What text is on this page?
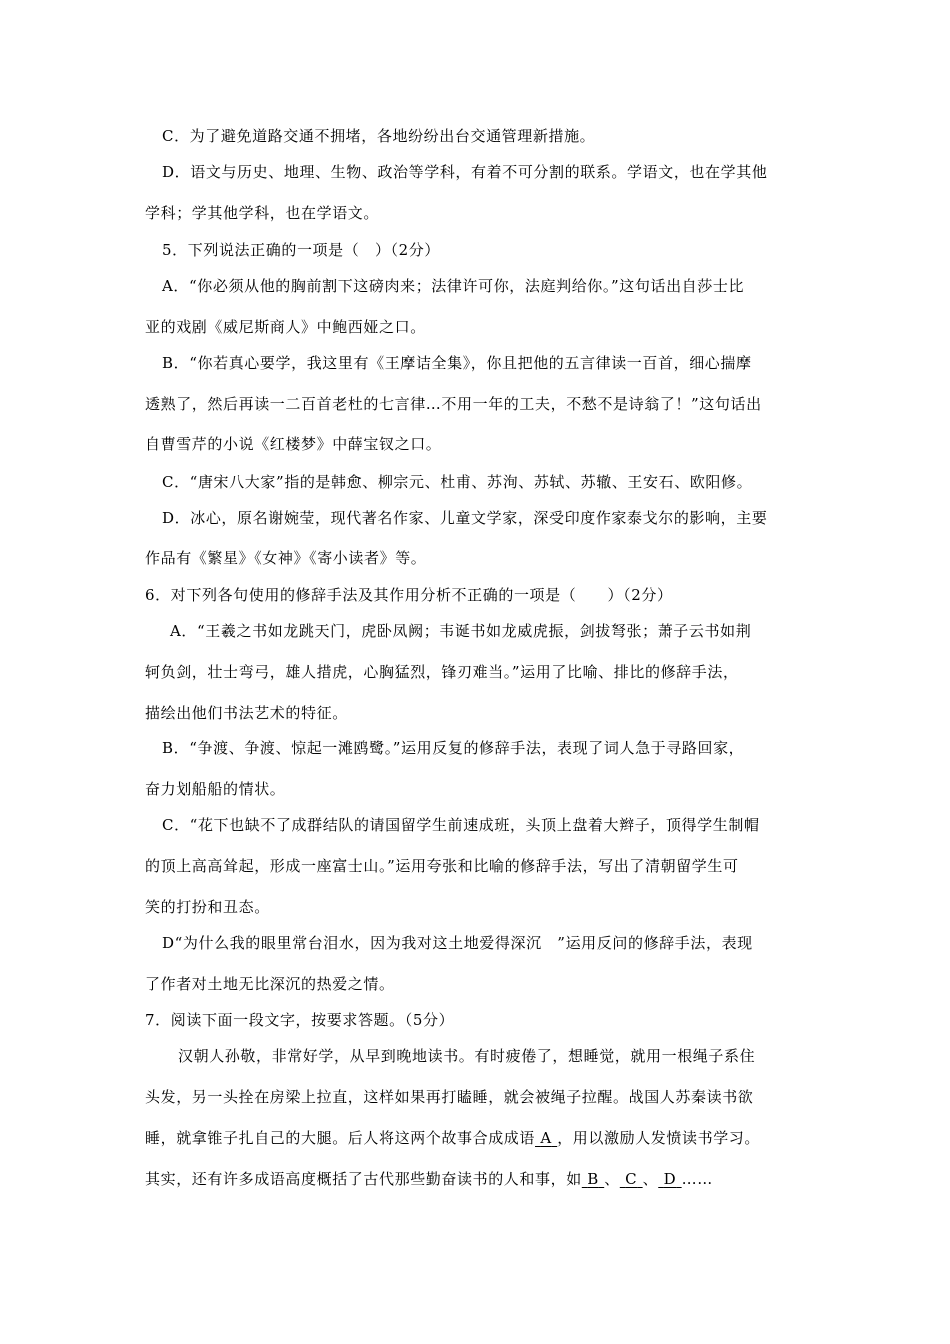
C．为了避免道路交通不拥堵，各地纷纷出台交通管理新措施。
D．语文与历史、地理、生物、政治等学科，有着不可分割的联系。学语文，也在学其他
学科；学其他学科，也在学语文。
5．下列说法正确的一项是（　）（2分）
A．“你必须从他的胸前割下这磅肉来；法律许可你，法庭判给你。”这句话出自莎士比
亚的戏剧《威尼斯商人》中鲍西娅之口。
B．“你若真心要学，我这里有《王摩诘全集》，你且把他的五言律读一百首，细心揣摩
透熟了，然后再读一二百首老杜的七言律…不用一年的工夫，不愁不是诗翁了！”这句话出
自曹雪芹的小说《红楼梦》中薛宝钗之口。
C．“唐宋八大家”指的是韩愈、柳宗元、杜甫、苏洵、苏轼、苏辙、王安石、欧阳修。
D．冰心，原名谢婉莹，现代著名作家、儿童文学家，深受印度作家泰戈尔的影响，主要
作品有《繁星》《女神》《寄小读者》等。
6．对下列各句使用的修辞手法及其作用分析不正确的一项是（　　）（2分）
A．“王羲之书如龙跳天门，虎卧凤阙；韦诞书如龙威虎振，剑拔弩张；萧子云书如荆
轲负剑，壮士弯弓，雄人措虎，心胸猛烈，锋刃难当。”运用了比喻、排比的修辞手法，
描绘出他们书法艺术的特征。
B．“争渡、争渡、惊起一滩鸥鹭。”运用反复的修辞手法，表现了词人急于寻路回家，
奋力划船船的情状。
C．“花下也缺不了成群结队的请国留学生前速成班，头顶上盘着大辫子，顶得学生制帽
的顶上高高耸起，形成一座富士山。”运用夸张和比喻的修辞手法，写出了清朝留学生可
笑的打扮和丑态。
D“为什么我的眼里常台泪水，因为我对这土地爱得深沉　”运用反问的修辞手法，表现
了作者对土地无比深沉的热爱之情。
7．阅读下面一段文字，按要求答题。（5分）
汉朝人孙敬，非常好学，从早到晚地读书。有时疲倦了，想睡觉，就用一根绳子系住
头发，另一头拴在房梁上拉直，这样如果再打瞌睡，就会被绳子拉醒。战国人苏秦读书欲
睡，就拿锥子扎自己的大腿。后人将这两个故事合成成语 A ，用以激励人发愤读书学习。
其实，还有许多成语高度概括了古代那些勤奋读书的人和事，如 B 、 C 、 D ……
